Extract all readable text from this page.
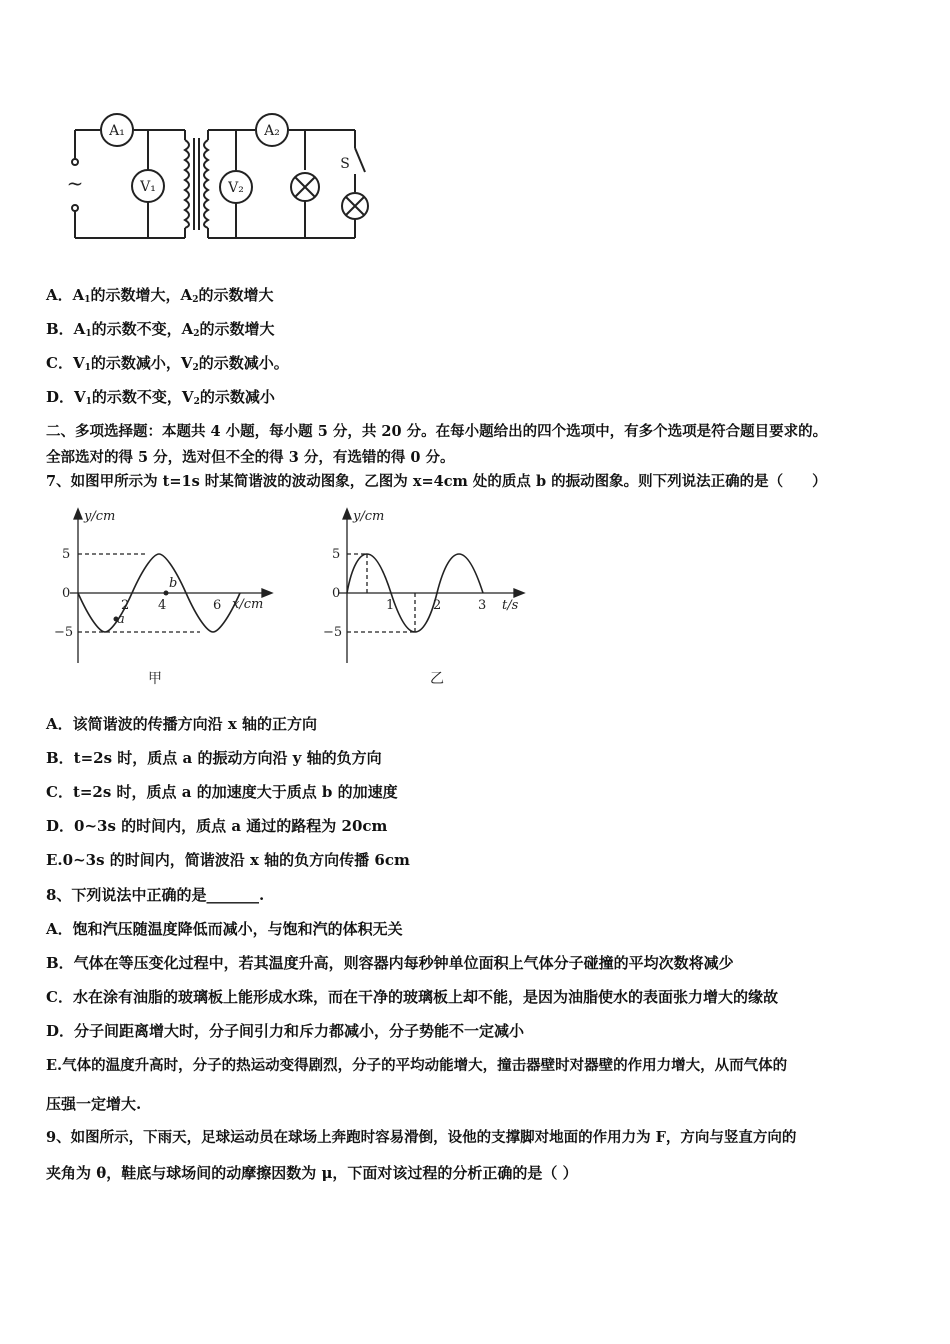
~
A₁
V₁
A₂
V₂
S
A．$A_1$的示数增大，$A_2$的示数增大
B．$A_1$的示数不变，$A_2$的示数增大
C．$V_1$的示数减小，$V_2$的示数减小。
D．$V_1$的示数不变，$V_2$的示数减小
二、多项选择题：本题共 4 小题，每小题 5 分，共 20 分。在每小题给出的四个选项中，有多个选项是符合题目要求的。
全部选对的得 5 分，选对但不全的得 3 分，有选错的得 0 分。
7、如图甲所示为 t=1s 时某简谐波的波动图象，乙图为 x=4cm 处的质点 b 的振动图象。则下列说法正确的是（　　）
y/cm
x/cm
5
0
−5
2 4	6
a
b
甲
y/cm
t/s
5
0
−5
1	2	3
乙
A．该简谐波的传播方向沿 x 轴的正方向
B．t=2s 时，质点 a 的振动方向沿 y 轴的负方向
C．t=2s 时，质点 a 的加速度大于质点 b 的加速度
D．0~3s 的时间内，质点 a 通过的路程为 20cm
E.0~3s 的时间内，简谐波沿 x 轴的负方向传播 6cm
8、下列说法中正确的是_______.
A．饱和汽压随温度降低而减小，与饱和汽的体积无关
B．气体在等压变化过程中，若其温度升高，则容器内每秒钟单位面积上气体分子碰撞的平均次数将减少
C．水在涂有油脂的玻璃板上能形成水珠，而在干净的玻璃板上却不能，是因为油脂使水的表面张力增大的缘故
D．分子间距离增大时，分子间引力和斥力都减小，分子势能不一定减小
E.气体的温度升高时，分子的热运动变得剧烈，分子的平均动能增大，撞击器壁时对器壁的作用力增大，从而气体的
压强一定增大.
9、如图所示，下雨天，足球运动员在球场上奔跑时容易滑倒，设他的支撑脚对地面的作用力为 F，方向与竖直方向的
夹角为 θ，鞋底与球场间的动摩擦因数为 μ，下面对该过程的分析正确的是（ ）
